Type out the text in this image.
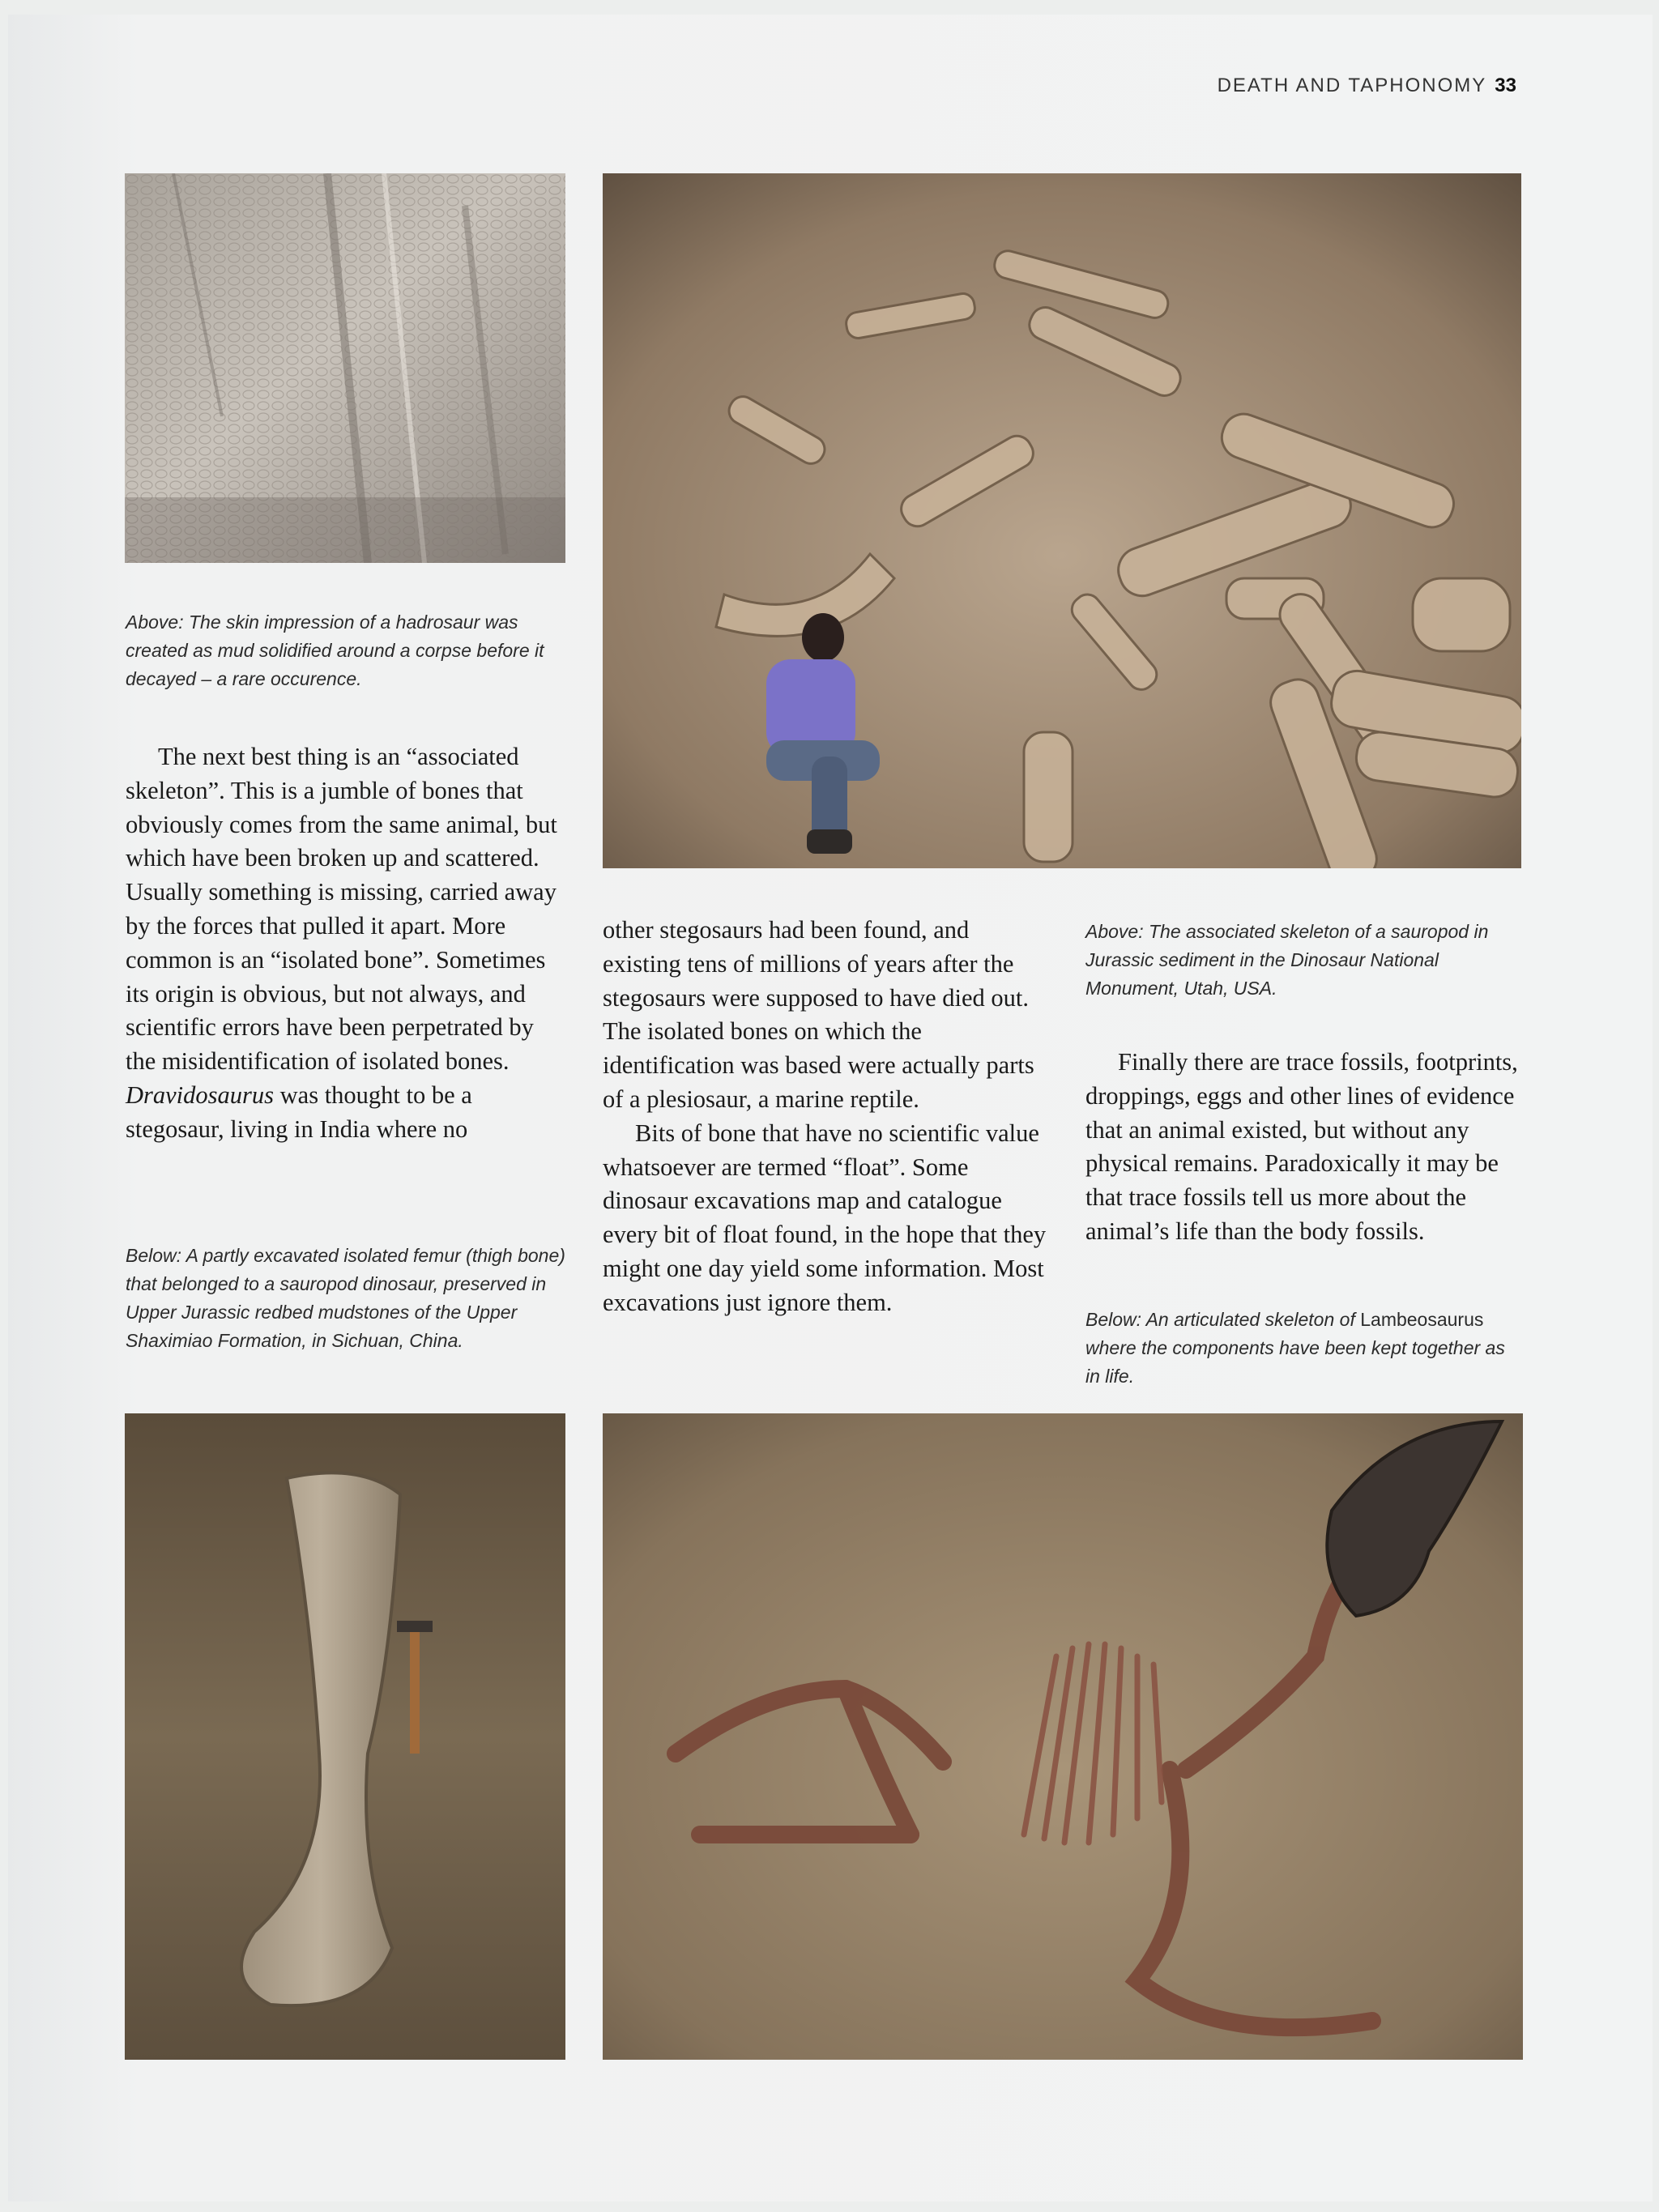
DEATH AND TAPHONOMY 33

Above: The skin impression of a hadrosaur was created as mud solidified around a corpse before it decayed – a rare occurence.

The next best thing is an “associated skeleton”. This is a jumble of bones that obviously comes from the same animal, but which have been broken up and scattered. Usually something is missing, carried away by the forces that pulled it apart. More common is an “isolated bone”. Sometimes its origin is obvious, but not always, and scientific errors have been perpetrated by the misidentification of isolated bones. Dravidosaurus was thought to be a stegosaur, living in India where no

Below: A partly excavated isolated femur (thigh bone) that belonged to a sauropod dinosaur, preserved in Upper Jurassic redbed mudstones of the Upper Shaximiao Formation, in Sichuan, China.

other stegosaurs had been found, and existing tens of millions of years after the stegosaurs were supposed to have died out. The isolated bones on which the identification was based were actually parts of a plesiosaur, a marine reptile.
Bits of bone that have no scientific value whatsoever are termed “float”. Some dinosaur excavations map and catalogue every bit of float found, in the hope that they might one day yield some information. Most excavations just ignore them.

Above: The associated skeleton of a sauropod in Jurassic sediment in the Dinosaur National Monument, Utah, USA.

Finally there are trace fossils, footprints, droppings, eggs and other lines of evidence that an animal existed, but without any physical remains. Paradoxically it may be that trace fossils tell us more about the animal’s life than the body fossils.

Below: An articulated skeleton of Lambeosaurus where the components have been kept together as in life.
